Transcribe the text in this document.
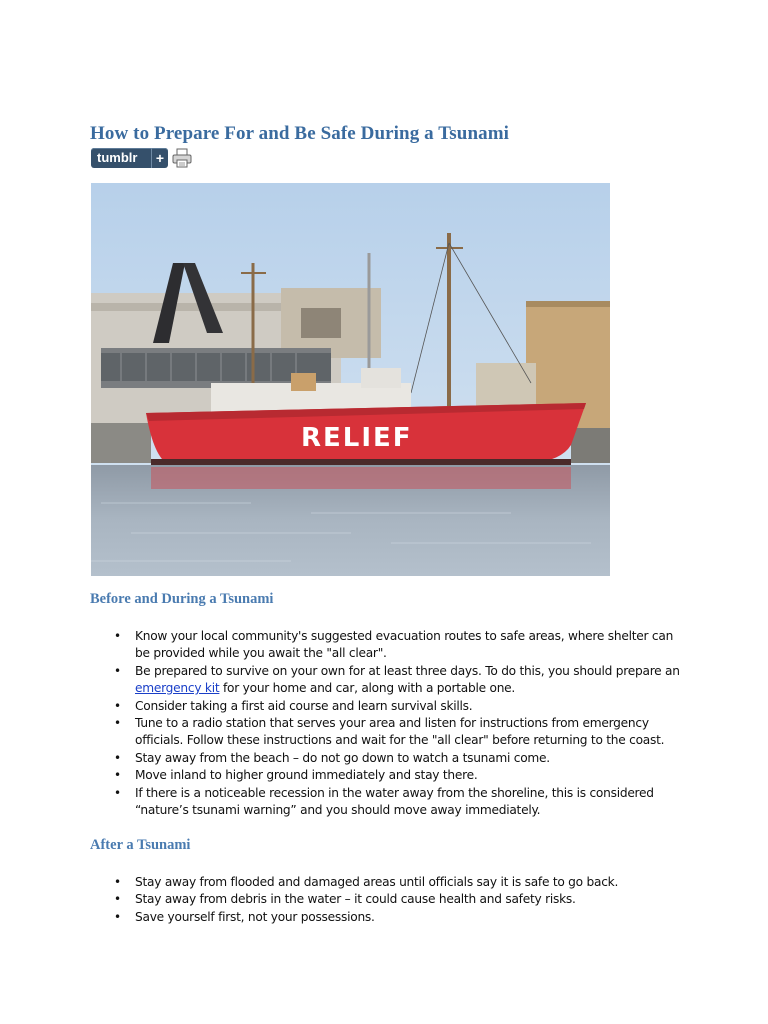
How to Prepare For and Be Safe During a Tsunami
tumblr	+
RELIEF
Before and During a Tsunami
• Know your local community's suggested evacuation routes to safe areas, where shelter can be provided while you await the "all clear".
• Be prepared to survive on your own for at least three days. To do this, you should prepare an emergency kit for your home and car, along with a portable one.
• Consider taking a first aid course and learn survival skills.
• Tune to a radio station that serves your area and listen for instructions from emergency officials. Follow these instructions and wait for the "all clear" before returning to the coast.
• Stay away from the beach – do not go down to watch a tsunami come.
• Move inland to higher ground immediately and stay there.
• If there is a noticeable recession in the water away from the shoreline, this is considered “nature’s tsunami warning” and you should move away immediately.
After a Tsunami
• Stay away from flooded and damaged areas until officials say it is safe to go back.
• Stay away from debris in the water – it could cause health and safety risks.
• Save yourself first, not your possessions.
